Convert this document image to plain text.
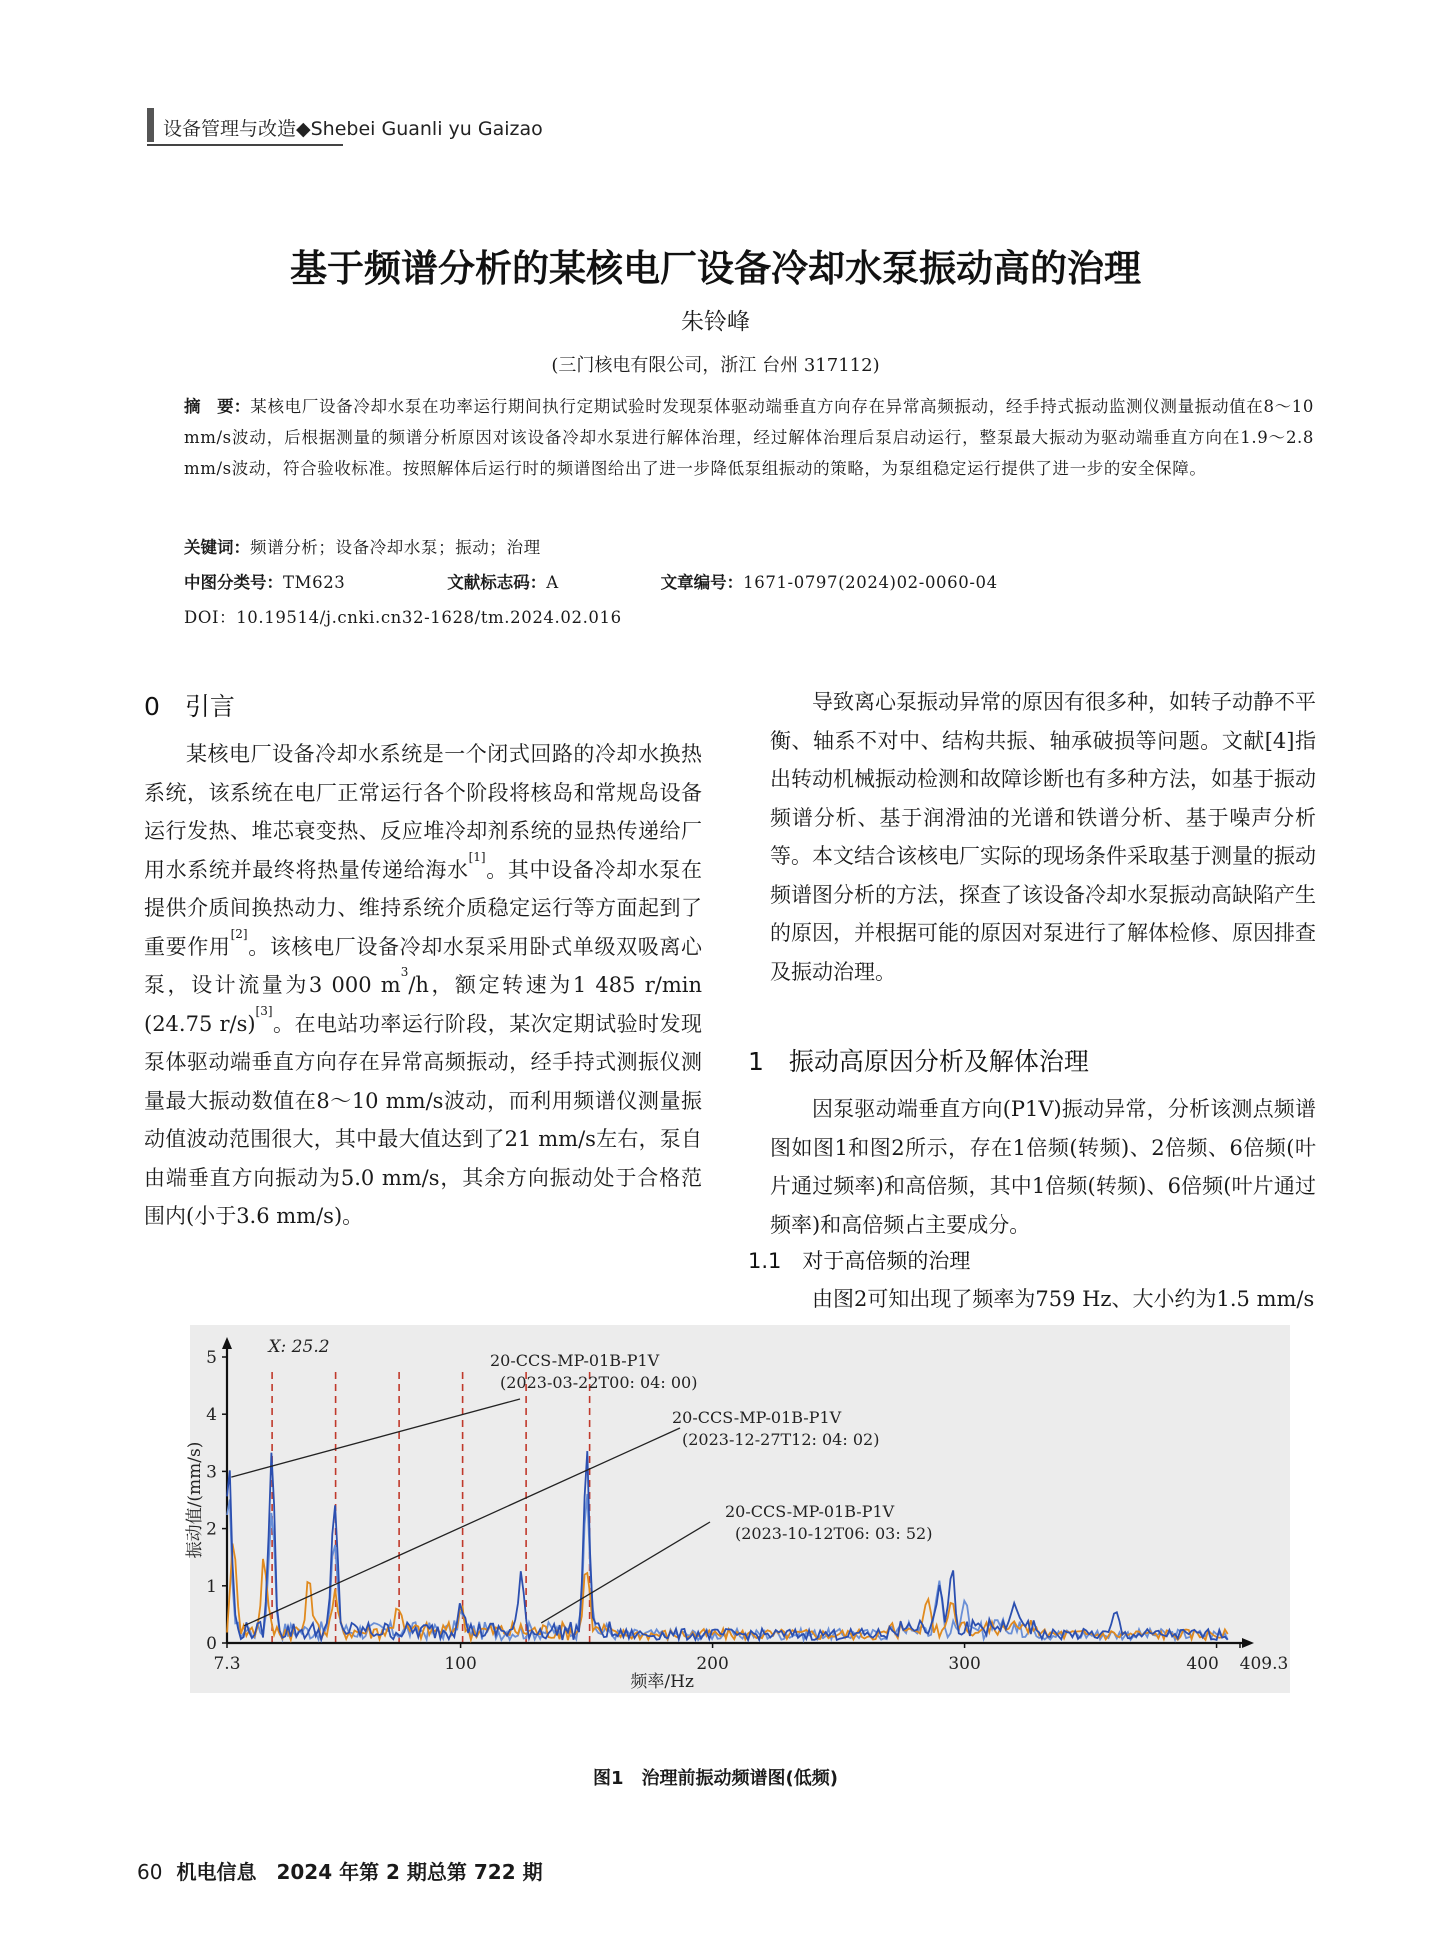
设备管理与改造◆Shebei Guanli yu Gaizao
基于频谱分析的某核电厂设备冷却水泵振动高的治理
朱铃峰
(三门核电有限公司，浙江 台州 317112)
摘　要：某核电厂设备冷却水泵在功率运行期间执行定期试验时发现泵体驱动端垂直方向存在异常高频振动，经手持式振动监测仪测量振动值在8～10 mm/s波动，后根据测量的频谱分析原因对该设备冷却水泵进行解体治理，经过解体治理后泵启动运行，整泵最大振动为驱动端垂直方向在1.9～2.8 mm/s波动，符合验收标准。按照解体后运行时的频谱图给出了进一步降低泵组振动的策略，为泵组稳定运行提供了进一步的安全保障。
关键词：频谱分析；设备冷却水泵；振动；治理
中图分类号：TM623	文献标志码：A	文章编号：1671-0797(2024)02-0060-04
DOI：10.19514/j.cnki.cn32-1628/tm.2024.02.016
0　引言

某核电厂设备冷却水系统是一个闭式回路的冷却水换热系统，该系统在电厂正常运行各个阶段将核岛和常规岛设备运行发热、堆芯衰变热、反应堆冷却剂系统的显热传递给厂用水系统并最终将热量传递给海水[1]。其中设备冷却水泵在提供介质间换热动力、维持系统介质稳定运行等方面起到了重要作用[2]。该核电厂设备冷却水泵采用卧式单级双吸离心泵，设计流量为3 000 $m^3/h$，额定转速为1 485 r/min (24.75 r/s)[3]。在电站功率运行阶段，某次定期试验时发现泵体驱动端垂直方向存在异常高频振动，经手持式测振仪测量最大振动数值在8～10 mm/s波动，而利用频谱仪测量振动值波动范围很大，其中最大值达到了21 mm/s左右，泵自由端垂直方向振动为5.0 mm/s，其余方向振动处于合格范围内(小于3.6 mm/s)。

导致离心泵振动异常的原因有很多种，如转子动静不平衡、轴系不对中、结构共振、轴承破损等问题。文献[4]指出转动机械振动检测和故障诊断也有多种方法，如基于振动频谱分析、基于润滑油的光谱和铁谱分析、基于噪声分析等。本文结合该核电厂实际的现场条件采取基于测量的振动频谱图分析的方法，探查了该设备冷却水泵振动高缺陷产生的原因，并根据可能的原因对泵进行了解体检修、原因排查及振动治理。

1　振动高原因分析及解体治理

因泵驱动端垂直方向(P1V)振动异常，分析该测点频谱图如图1和图2所示，存在1倍频(转频)、2倍频、6倍频(叶片通过频率)和高倍频，其中1倍频(转频)、6倍频(叶片通过频率)和高倍频占主要成分。

1.1　对于高倍频的治理

由图2可知出现了频率为759 Hz、大小约为1.5 mm/s

0
1
2
3
4
5
7.3	100	200	300	400 409.3
频率/Hz
振动值/(mm/s)
X: 25.2
20-CCS-MP-01B-P1V
(2023-03-22T00: 04: 00)
20-CCS-MP-01B-P1V
(2023-12-27T12: 04: 02)
20-CCS-MP-01B-P1V
(2023-10-12T06: 03: 52)
图1　治理前振动频谱图(低频)
60 机电信息　2024 年第 2 期总第 722 期
